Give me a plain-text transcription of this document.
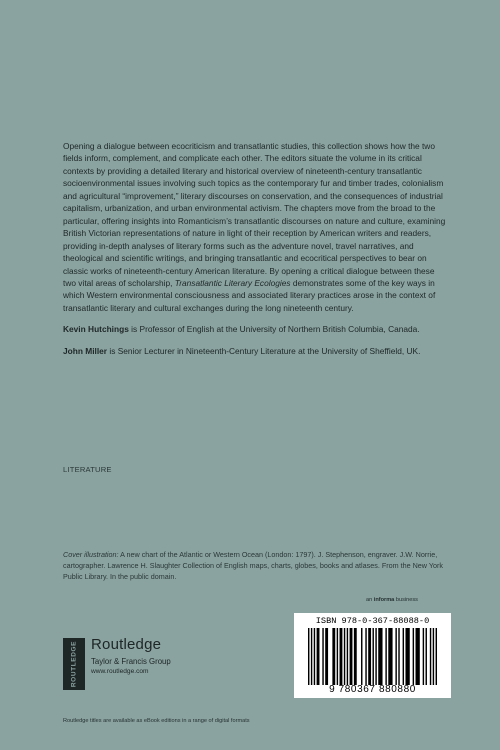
Opening a dialogue between ecocriticism and transatlantic studies, this collection shows how the two fields inform, complement, and complicate each other. The editors situate the volume in its critical contexts by providing a detailed literary and historical overview of nineteenth-century transatlantic socioenvironmental issues involving such topics as the contemporary fur and timber trades, colonialism and agricultural “improvement,” literary discourses on conservation, and the consequences of industrial capitalism, urbanization, and urban environmental activism. The chapters move from the broad to the particular, offering insights into Romanticism’s transatlantic discourses on nature and culture, examining British Victorian representations of nature in light of their reception by American writers and readers, providing in-depth analyses of literary forms such as the adventure novel, travel narratives, and theological and scientific writings, and bringing transatlantic and ecocritical perspectives to bear on classic works of nineteenth-century American literature. By opening a critical dialogue between these two vital areas of scholarship, Transatlantic Literary Ecologies demonstrates some of the key ways in which Western environmental consciousness and associated literary practices arose in the context of transatlantic literary and cultural exchanges during the long nineteenth century.

Kevin Hutchings is Professor of English at the University of Northern British Columbia, Canada.

John Miller is Senior Lecturer in Nineteenth-Century Literature at the University of Sheffield, UK.

LITERATURE
Cover illustration: A new chart of the Atlantic or Western Ocean (London: 1797). J. Stephenson, engraver. J.W. Norrie, cartographer. Lawrence H. Slaughter Collection of English maps, charts, globes, books and atlases. From the New York Public Library. In the public domain.
an informa business
ISBN 978-0-367-88088-0
9 780367 880880
ROUTLEDGE Routledge
Taylor & Francis Group
www.routledge.com
Routledge titles are available as eBook editions in a range of digital formats
